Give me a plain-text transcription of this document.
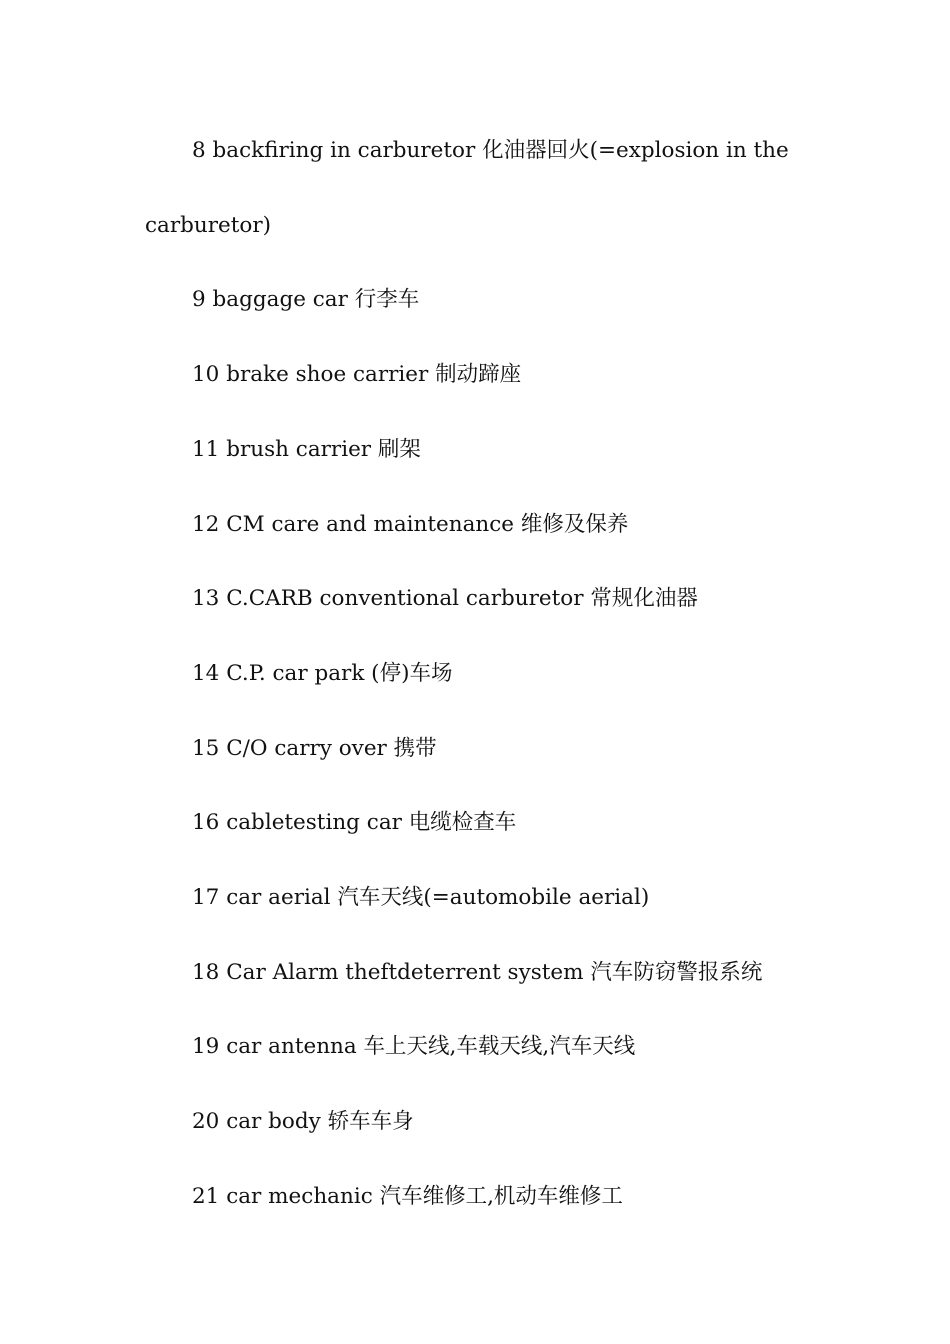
8 backfiring in carburetor 化油器回火(=explosion in the carburetor)

9 baggage car 行李车

10 brake shoe carrier 制动蹄座

11 brush carrier 刷架

12 CM care and maintenance 维修及保养

13 C.CARB conventional carburetor 常规化油器

14 C.P. car park (停)车场

15 C/O carry over 携带

16 cabletesting car 电缆检查车

17 car aerial 汽车天线(=automobile aerial)

18 Car Alarm theftdeterrent system 汽车防窃警报系统

19 car antenna 车上天线,车载天线,汽车天线

20 car body 轿车车身

21 car mechanic 汽车维修工,机动车维修工
